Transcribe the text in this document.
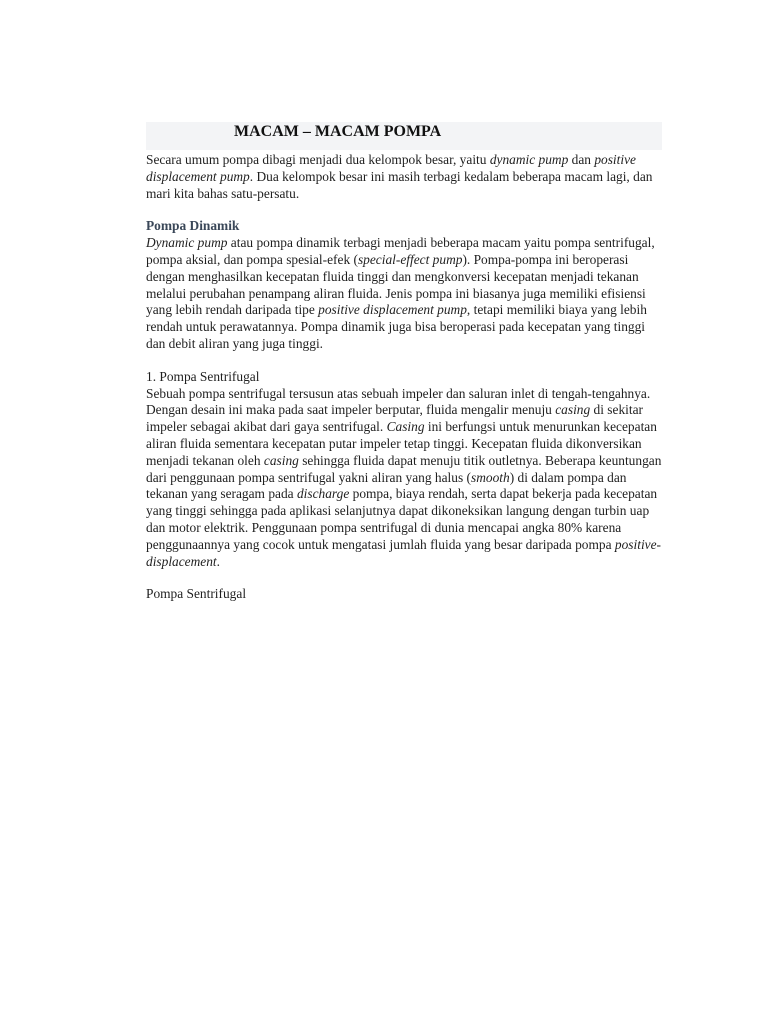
MACAM – MACAM POMPA

Secara umum pompa dibagi menjadi dua kelompok besar, yaitu dynamic pump dan positive displacement pump. Dua kelompok besar ini masih terbagi kedalam beberapa macam lagi, dan mari kita bahas satu-persatu.

Pompa Dinamik

Dynamic pump atau pompa dinamik terbagi menjadi beberapa macam yaitu pompa sentrifugal, pompa aksial, dan pompa spesial-efek (special-effect pump). Pompa-pompa ini beroperasi dengan menghasilkan kecepatan fluida tinggi dan mengkonversi kecepatan menjadi tekanan melalui perubahan penampang aliran fluida. Jenis pompa ini biasanya juga memiliki efisiensi yang lebih rendah daripada tipe positive displacement pump, tetapi memiliki biaya yang lebih rendah untuk perawatannya. Pompa dinamik juga bisa beroperasi pada kecepatan yang tinggi dan debit aliran yang juga tinggi.

1. Pompa Sentrifugal

Sebuah pompa sentrifugal tersusun atas sebuah impeler dan saluran inlet di tengah-tengahnya. Dengan desain ini maka pada saat impeler berputar, fluida mengalir menuju casing di sekitar impeler sebagai akibat dari gaya sentrifugal. Casing ini berfungsi untuk menurunkan kecepatan aliran fluida sementara kecepatan putar impeler tetap tinggi. Kecepatan fluida dikonversikan menjadi tekanan oleh casing sehingga fluida dapat menuju titik outletnya. Beberapa keuntungan dari penggunaan pompa sentrifugal yakni aliran yang halus (smooth) di dalam pompa dan tekanan yang seragam pada discharge pompa, biaya rendah, serta dapat bekerja pada kecepatan yang tinggi sehingga pada aplikasi selanjutnya dapat dikoneksikan langung dengan turbin uap dan motor elektrik. Penggunaan pompa sentrifugal di dunia mencapai angka 80% karena penggunaannya yang cocok untuk mengatasi jumlah fluida yang besar daripada pompa positive-displacement.

Pompa Sentrifugal
